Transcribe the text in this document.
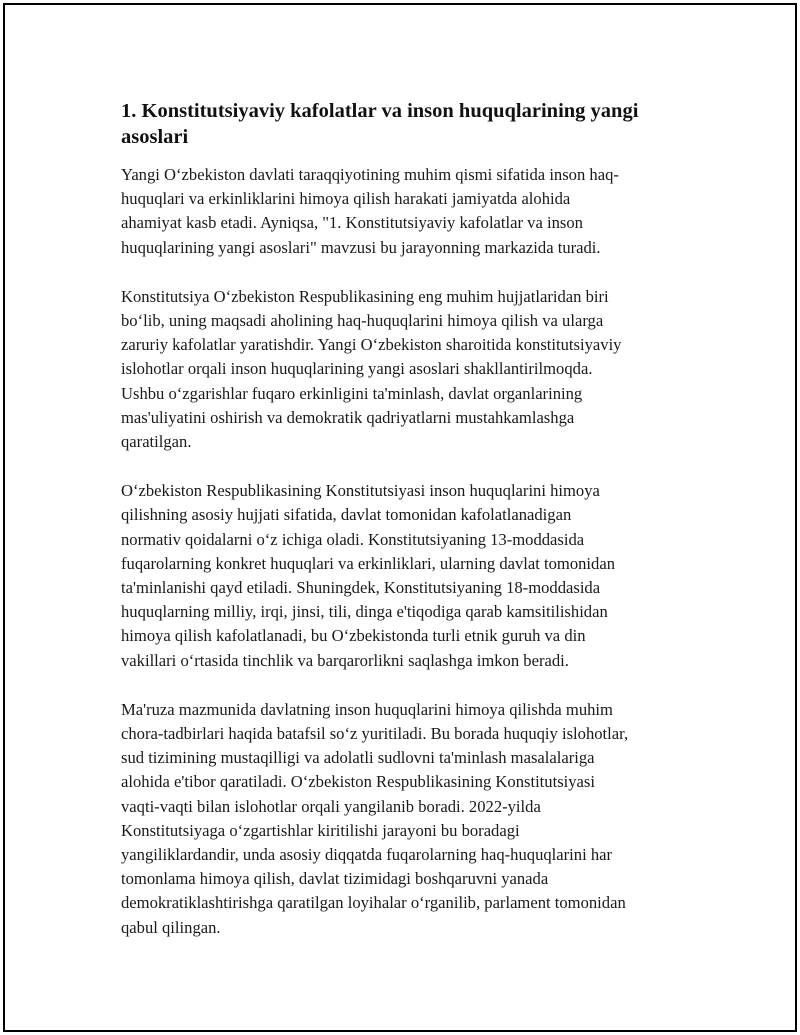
1. Konstitutsiyaviy kafolatlar va inson huquqlarining yangi
asoslari

Yangi O‘zbekiston davlati taraqqiyotining muhim qismi sifatida inson haq-
huquqlari va erkinliklarini himoya qilish harakati jamiyatda alohida
ahamiyat kasb etadi. Ayniqsa, "1. Konstitutsiyaviy kafolatlar va inson
huquqlarining yangi asoslari" mavzusi bu jarayonning markazida turadi.

Konstitutsiya O‘zbekiston Respublikasining eng muhim hujjatlaridan biri
bo‘lib, uning maqsadi aholining haq-huquqlarini himoya qilish va ularga
zaruriy kafolatlar yaratishdir. Yangi O‘zbekiston sharoitida konstitutsiyaviy
islohotlar orqali inson huquqlarining yangi asoslari shakllantirilmoqda.
Ushbu o‘zgarishlar fuqaro erkinligini ta'minlash, davlat organlarining
mas'uliyatini oshirish va demokratik qadriyatlarni mustahkamlashga
qaratilgan.

O‘zbekiston Respublikasining Konstitutsiyasi inson huquqlarini himoya
qilishning asosiy hujjati sifatida, davlat tomonidan kafolatlanadigan
normativ qoidalarni o‘z ichiga oladi. Konstitutsiyaning 13-moddasida
fuqarolarning konkret huquqlari va erkinliklari, ularning davlat tomonidan
ta'minlanishi qayd etiladi. Shuningdek, Konstitutsiyaning 18-moddasida
huquqlarning milliy, irqi, jinsi, tili, dinga e'tiqodiga qarab kamsitilishidan
himoya qilish kafolatlanadi, bu O‘zbekistonda turli etnik guruh va din
vakillari o‘rtasida tinchlik va barqarorlikni saqlashga imkon beradi.

Ma'ruza mazmunida davlatning inson huquqlarini himoya qilishda muhim
chora-tadbirlari haqida batafsil so‘z yuritiladi. Bu borada huquqiy islohotlar,
sud tizimining mustaqilligi va adolatli sudlovni ta'minlash masalalariga
alohida e'tibor qaratiladi. O‘zbekiston Respublikasining Konstitutsiyasi
vaqti-vaqti bilan islohotlar orqali yangilanib boradi. 2022-yilda
Konstitutsiyaga o‘zgartishlar kiritilishi jarayoni bu boradagi
yangiliklardandir, unda asosiy diqqatda fuqarolarning haq-huquqlarini har
tomonlama himoya qilish, davlat tizimidagi boshqaruvni yanada
demokratiklashtirishga qaratilgan loyihalar o‘rganilib, parlament tomonidan
qabul qilingan.
